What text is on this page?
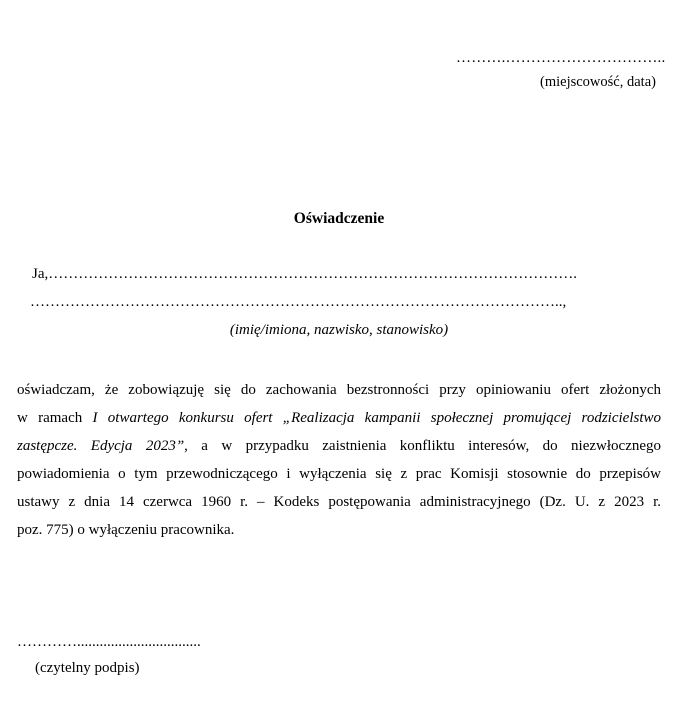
……….…………………………..
(miejscowość, data)
Oświadczenie
Ja,…………………………………………………………………………………………….
……………………………………………………………………………………………..,
(imię/imiona, nazwisko, stanowisko)
oświadczam, że zobowiązuję się do zachowania bezstronności przy opiniowaniu ofert złożonych
w ramach I otwartego konkursu ofert „Realizacja kampanii społecznej promującej rodzicielstwo
zastępcze. Edycja 2023”, a w przypadku zaistnienia konfliktu interesów, do niezwłocznego
powiadomienia o tym przewodniczącego i wyłączenia się z prac Komisji stosownie do przepisów
ustawy z dnia 14 czerwca 1960 r. – Kodeks postępowania administracyjnego (Dz. U. z 2023 r.
poz. 775) o wyłączeniu pracownika.
………….................................
(czytelny podpis)
